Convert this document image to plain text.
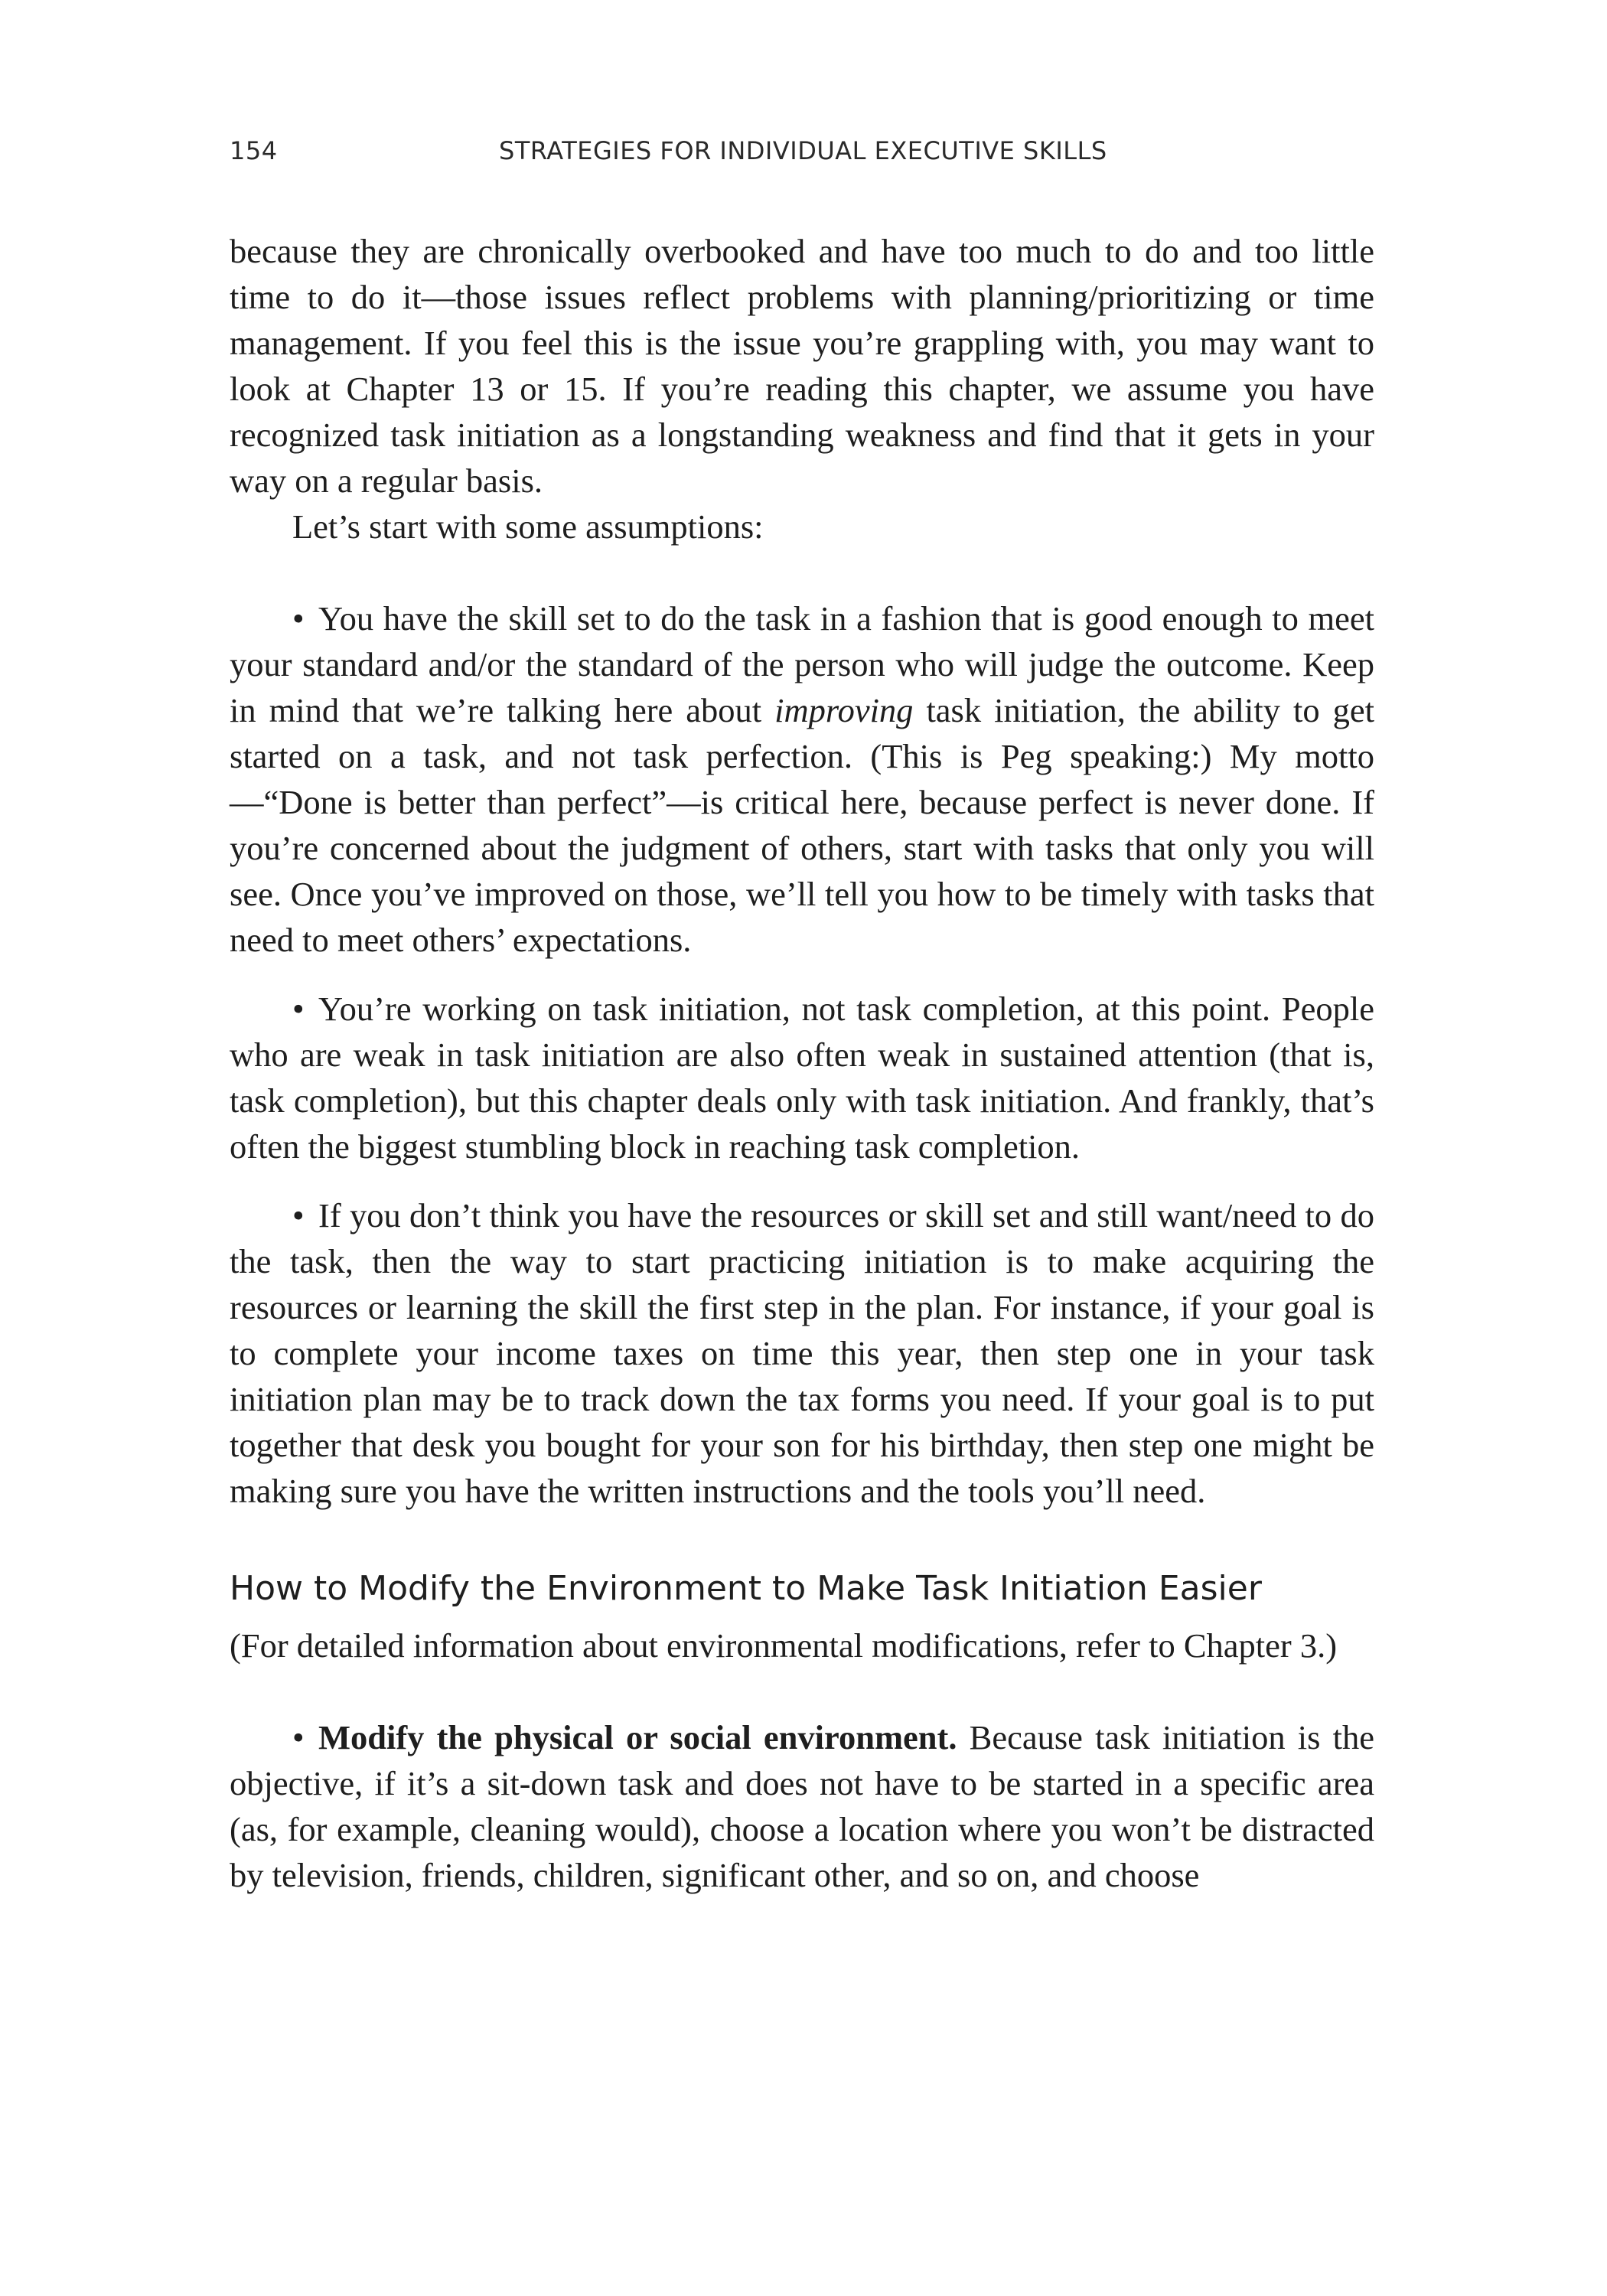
154	STRATEGIES FOR INDIVIDUAL EXECUTIVE SKILLS

because they are chronically overbooked and have too much to do and too little time to do it—those issues reflect problems with planning/prioritizing or time management. If you feel this is the issue you’re grappling with, you may want to look at Chapter 13 or 15. If you’re reading this chapter, we assume you have recognized task initiation as a longstanding weakness and find that it gets in your way on a regular basis.

Let’s start with some assumptions:

• You have the skill set to do the task in a fashion that is good enough to meet your standard and/or the standard of the person who will judge the outcome. Keep in mind that we’re talking here about improving task initiation, the ability to get started on a task, and not task perfection. (This is Peg speaking:) My motto—“Done is better than perfect”—is critical here, because perfect is never done. If you’re concerned about the judgment of others, start with tasks that only you will see. Once you’ve improved on those, we’ll tell you how to be timely with tasks that need to meet others’ expectations.

• You’re working on task initiation, not task completion, at this point. People who are weak in task initiation are also often weak in sustained attention (that is, task completion), but this chapter deals only with task initiation. And frankly, that’s often the biggest stumbling block in reaching task completion.

• If you don’t think you have the resources or skill set and still want/need to do the task, then the way to start practicing initiation is to make acquiring the resources or learning the skill the first step in the plan. For instance, if your goal is to complete your income taxes on time this year, then step one in your task initiation plan may be to track down the tax forms you need. If your goal is to put together that desk you bought for your son for his birthday, then step one might be making sure you have the written instructions and the tools you’ll need.

How to Modify the Environment to Make Task Initiation Easier

(For detailed information about environmental modifications, refer to Chapter 3.)

• Modify the physical or social environment. Because task initiation is the objective, if it’s a sit-down task and does not have to be started in a specific area (as, for example, cleaning would), choose a location where you won’t be distracted by television, friends, children, significant other, and so on, and choose
